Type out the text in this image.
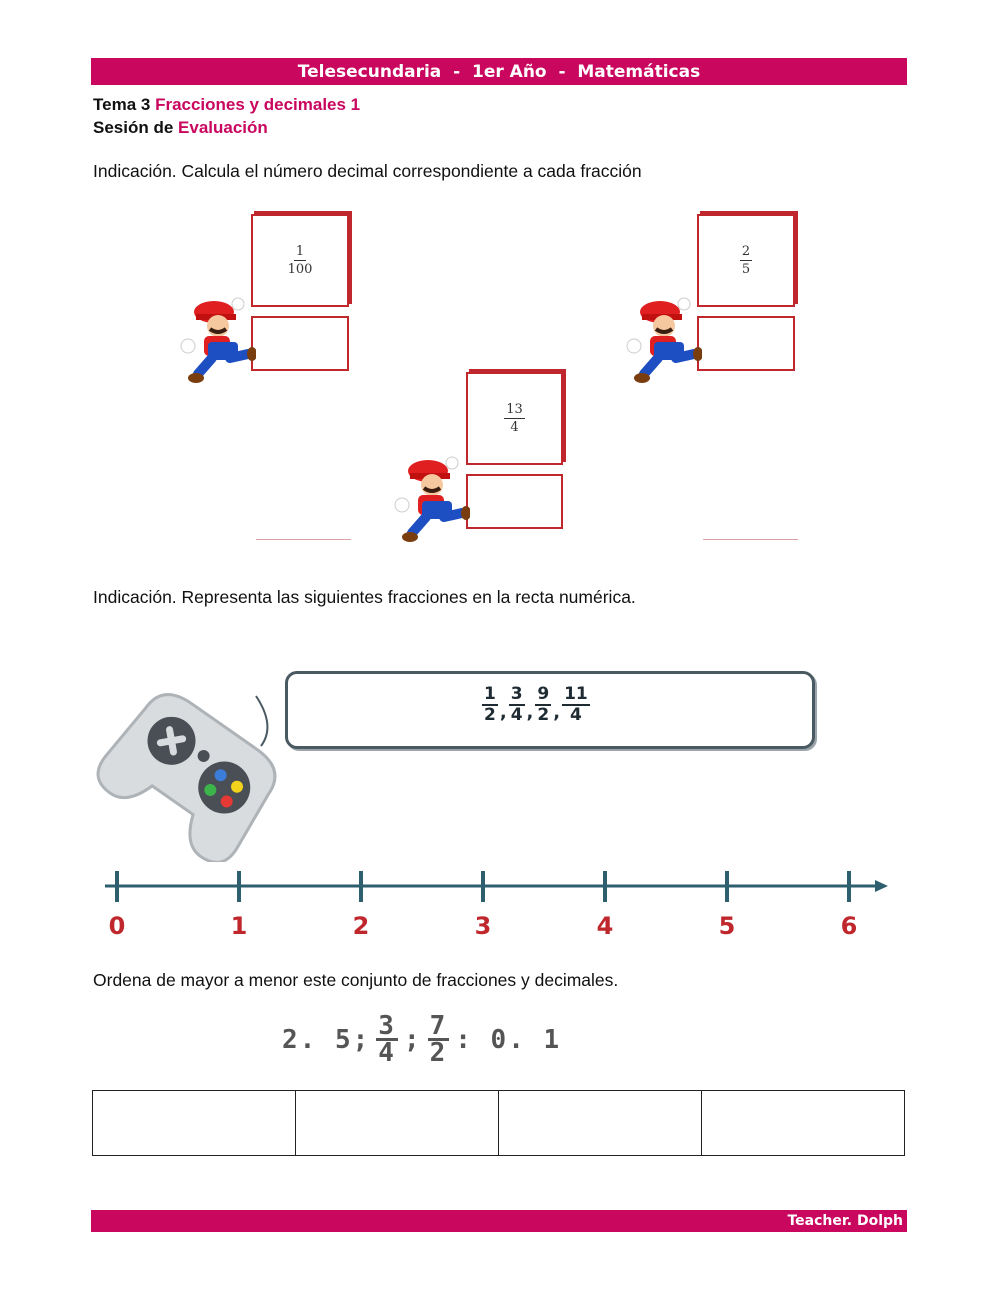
Telesecundaria  -  1er Año  -  Matemáticas
Tema 3 Fracciones y decimales 1
Sesión de Evaluación
Indicación. Calcula el número decimal correspondiente a cada fracción
$\frac{1}{100}$	$\frac{2}{5}$
$\frac{13}{4}$
Indicación. Representa las siguientes fracciones en la recta numérica.
1
2 ,
3
4 ,
9
2 ,
11
4
0	1	2	3	4	5	6
Ordena de mayor a menor este conjunto de fracciones y decimales.
2. 5; 3
4 ; 7
2 : 0. 1

Teacher. Dolph
